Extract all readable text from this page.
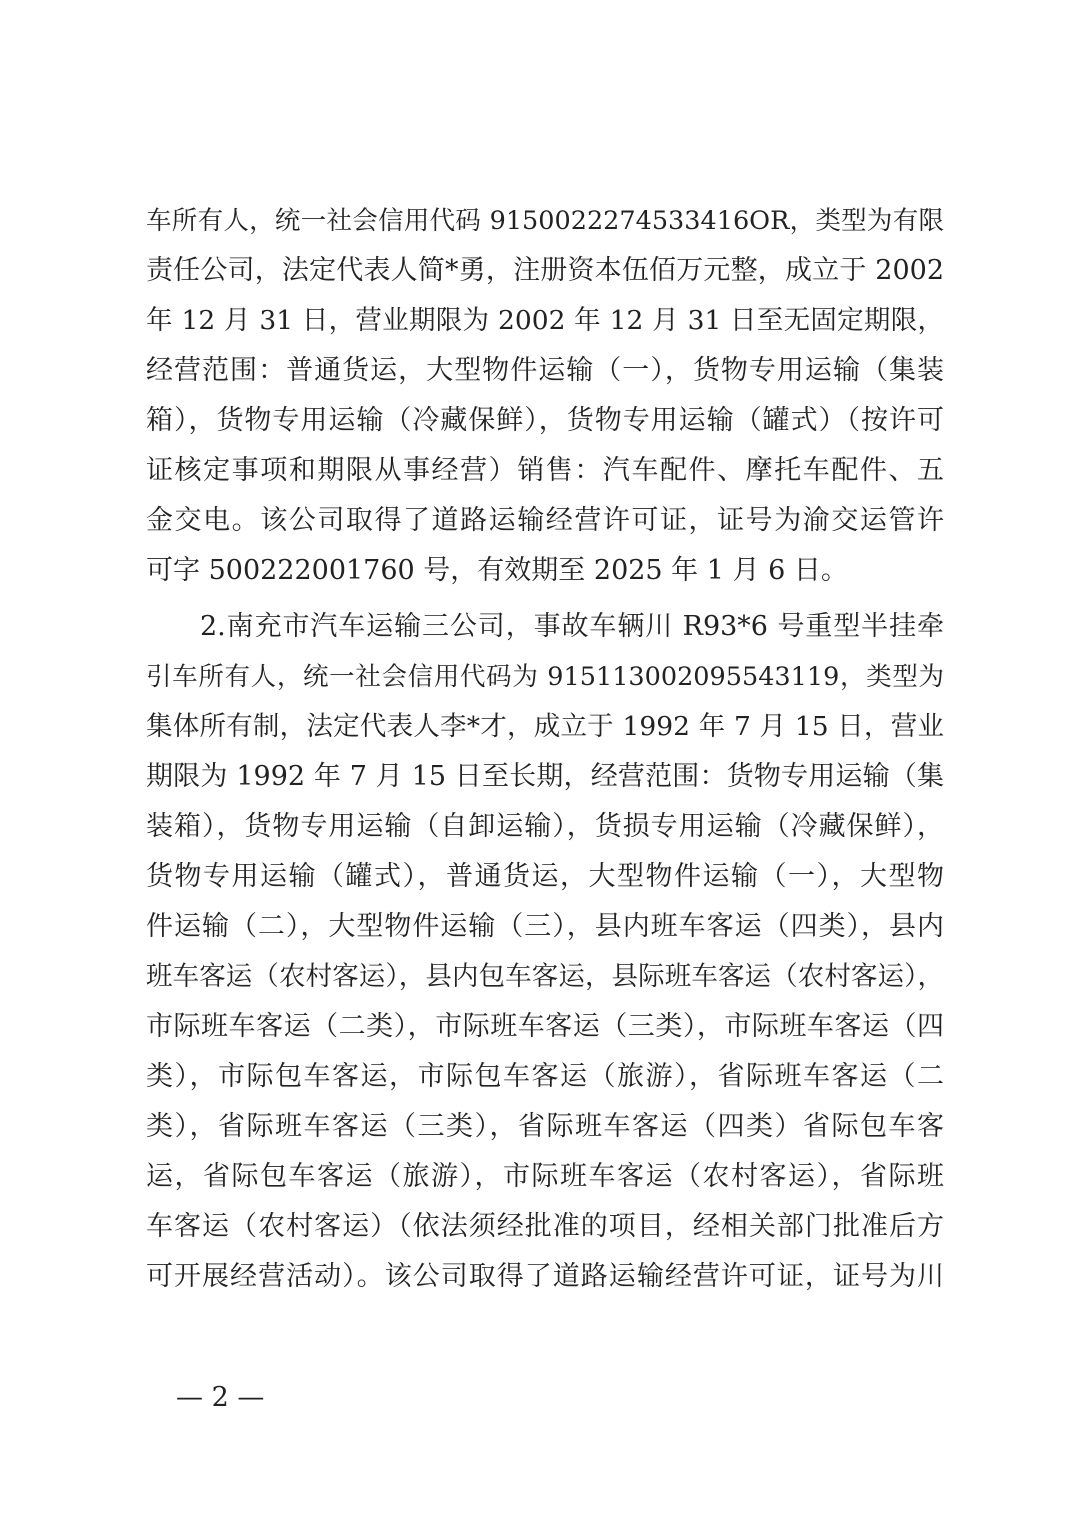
车所有人，统一社会信用代码 9150022274533416OR，类型为有限
责任公司，法定代表人简*勇，注册资本伍佰万元整，成立于 2002
年 12 月 31 日，营业期限为 2002 年 12 月 31 日至无固定期限，
经营范围：普通货运，大型物件运输（一），货物专用运输（集装
箱），货物专用运输（冷藏保鲜），货物专用运输（罐式）（按许可
证核定事项和期限从事经营）销售：汽车配件、摩托车配件、五
金交电。该公司取得了道路运输经营许可证，证号为渝交运管许
可字 500222001760 号，有效期至 2025 年 1 月 6 日。
2.南充市汽车运输三公司，事故车辆川 R93*6 号重型半挂牵
引车所有人，统一社会信用代码为 915113002095543119，类型为
集体所有制，法定代表人李*才，成立于 1992 年 7 月 15 日，营业
期限为 1992 年 7 月 15 日至长期，经营范围：货物专用运输（集
装箱），货物专用运输（自卸运输），货损专用运输（冷藏保鲜），
货物专用运输（罐式），普通货运，大型物件运输（一），大型物
件运输（二），大型物件运输（三），县内班车客运（四类），县内
班车客运（农村客运），县内包车客运，县际班车客运（农村客运），
市际班车客运（二类），市际班车客运（三类），市际班车客运（四
类），市际包车客运，市际包车客运（旅游），省际班车客运（二
类），省际班车客运（三类），省际班车客运（四类）省际包车客
运，省际包车客运（旅游），市际班车客运（农村客运），省际班
车客运（农村客运）（依法须经批准的项目，经相关部门批准后方
可开展经营活动）。该公司取得了道路运输经营许可证，证号为川
— 2 —
